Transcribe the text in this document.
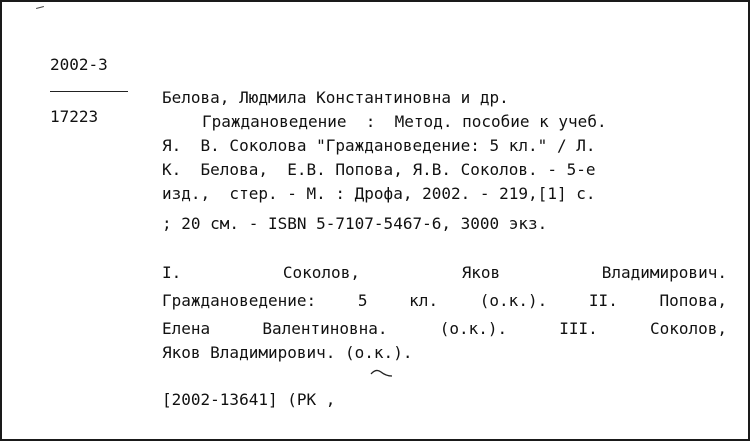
2002-3
17223
Белова, Людмила Константиновна и др.
Граждановедение  :  Метод. пособие к учеб.
Я.  В. Соколова "Граждановедение: 5 кл." / Л.
К.  Белова,  Е.В. Попова, Я.В. Соколов. - 5-е
изд.,  стер. - М. : Дрофа, 2002. - 219,[1] с.
; 20 см. - ISBN 5-7107-5467-6, 3000 экз.
I.	Соколов,	Яков	Владимирович.
Граждановедение:	5	кл.	(о.к.).	II.	Попова,
Елена	Валентиновна.	(о.к.).	III.	Соколов,
Яков Владимирович. (о.к.).
[2002-13641] (РК ,
